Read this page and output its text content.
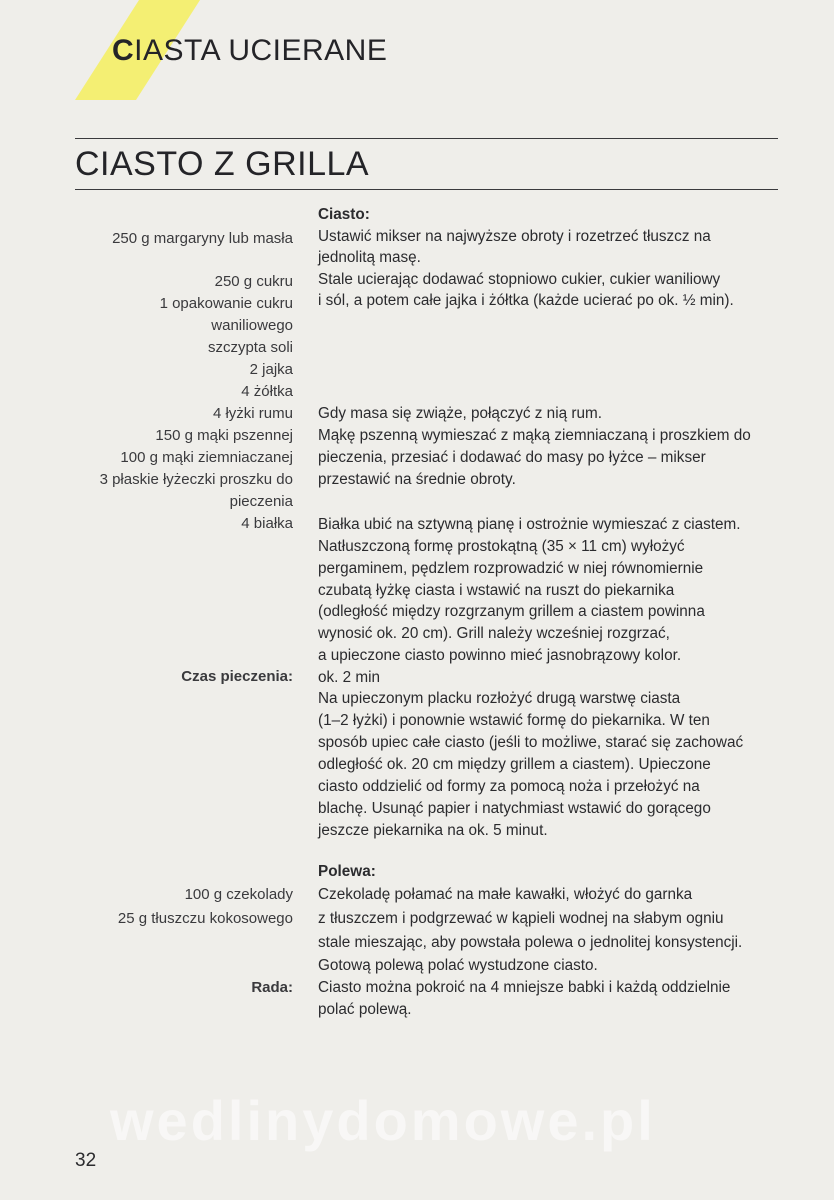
CIASTA UCIERANE
CIASTO Z GRILLA
250 g margaryny lub masła
250 g cukru
1 opakowanie cukru
waniliowego
szczypta soli
2 jajka
4 żółtka
4 łyżki rumu
150 g mąki pszennej
100 g mąki ziemniaczanej
3 płaskie łyżeczki proszku do
pieczenia
4 białka
Czas pieczenia:
100 g czekolady
25 g tłuszczu kokosowego
Rada:
Ciasto:
Ustawić mikser na najwyższe obroty i rozetrzeć tłuszcz na
jednolitą masę.
Stale ucierając dodawać stopniowo cukier, cukier waniliowy
i sól, a potem całe jajka i żółtka (każde ucierać po ok. ½ min).
Gdy masa się zwiąże, połączyć z nią rum.
Mąkę pszenną wymieszać z mąką ziemniaczaną i proszkiem do
pieczenia, przesiać i dodawać do masy po łyżce – mikser
przestawić na średnie obroty.
Białka ubić na sztywną pianę i ostrożnie wymieszać z ciastem.
Natłuszczoną formę prostokątną (35 × 11 cm) wyłożyć
pergaminem, pędzlem rozprowadzić w niej równomiernie
czubatą łyżkę ciasta i wstawić na ruszt do piekarnika
(odległość między rozgrzanym grillem a ciastem powinna
wynosić ok. 20 cm). Grill należy wcześniej rozgrzać,
a upieczone ciasto powinno mieć jasnobrązowy kolor.
ok. 2 min
Na upieczonym placku rozłożyć drugą warstwę ciasta
(1–2 łyżki) i ponownie wstawić formę do piekarnika. W ten
sposób upiec całe ciasto (jeśli to możliwe, starać się zachować
odległość ok. 20 cm między grillem a ciastem). Upieczone
ciasto oddzielić od formy za pomocą noża i przełożyć na
blachę. Usunąć papier i natychmiast wstawić do gorącego
jeszcze piekarnika na ok. 5 minut.
Polewa:
Czekoladę połamać na małe kawałki, włożyć do garnka
z tłuszczem i podgrzewać w kąpieli wodnej na słabym ogniu
stale mieszając, aby powstała polewa o jednolitej konsystencji.
Gotową polewą polać wystudzone ciasto.
Ciasto można pokroić na 4 mniejsze babki i każdą oddzielnie
polać polewą.
wedlinydomowe.pl
32
